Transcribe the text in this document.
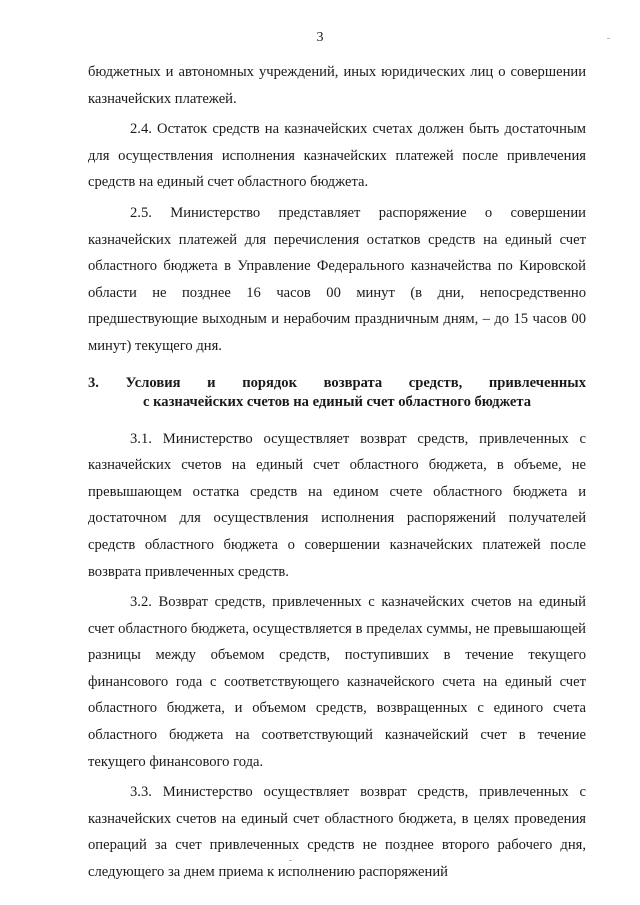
3

бюджетных и автономных учреждений, иных юридических лиц о совершении казначейских платежей.

2.4. Остаток средств на казначейских счетах должен быть достаточным для осуществления исполнения казначейских платежей после привлечения средств на единый счет областного бюджета.

2.5. Министерство представляет распоряжение о совершении казначейских платежей для перечисления остатков средств на единый счет областного бюджета в Управление Федерального казначейства по Кировской области не позднее 16 часов 00 минут (в дни, непосредственно предшествующие выходным и нерабочим праздничным дням, – до 15 часов 00 минут) текущего дня.

3. Условия и порядок возврата средств, привлеченных
с казначейских счетов на единый счет областного бюджета

3.1. Министерство осуществляет возврат средств, привлеченных с казначейских счетов на единый счет областного бюджета, в объеме, не превышающем остатка средств на едином счете областного бюджета и достаточном для осуществления исполнения распоряжений получателей средств областного бюджета о совершении казначейских платежей после возврата привлеченных средств.

3.2. Возврат средств, привлеченных с казначейских счетов на единый счет областного бюджета, осуществляется в пределах суммы, не превышающей разницы между объемом средств, поступивших в течение текущего финансового года с соответствующего казначейского счета на единый счет областного бюджета, и объемом средств, возвращенных с единого счета областного бюджета на соответствующий казначейский счет в течение текущего финансового года.

3.3. Министерство осуществляет возврат средств, привлеченных с казначейских счетов на единый счет областного бюджета, в целях проведения операций за счет привлеченных средств не позднее второго рабочего дня, следующего за днем приема к исполнению распоряжений
